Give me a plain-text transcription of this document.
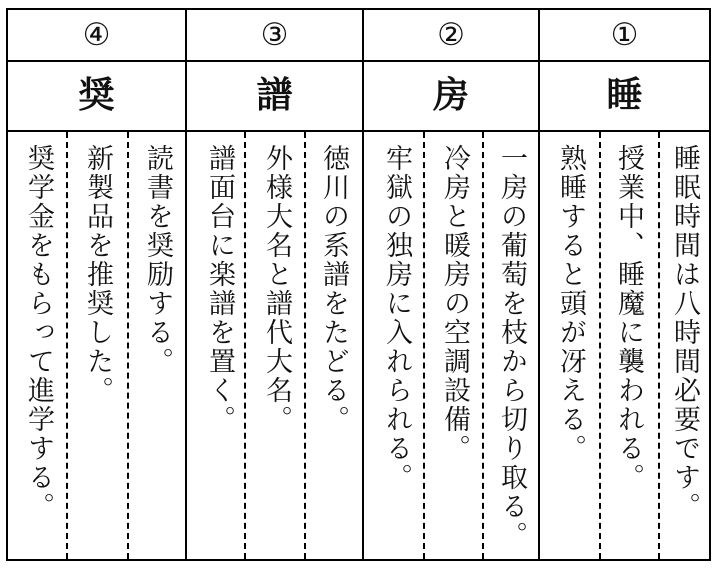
④
奨
奨学金をもらって進学する。	新製品を推奨した。	読書を奨励する。
③
譜
譜面台に楽譜を置く。 外様大名と譜代大名。 徳川の系譜をたどる。
②
房
牢獄の独房に入れられる。	冷房と暖房の空調設備。 一房の葡萄を枝から切り取る。
①
睡
熟睡すると頭が冴える。	授業中、睡魔に襲われる。 睡眠時間は八時間必要です。
